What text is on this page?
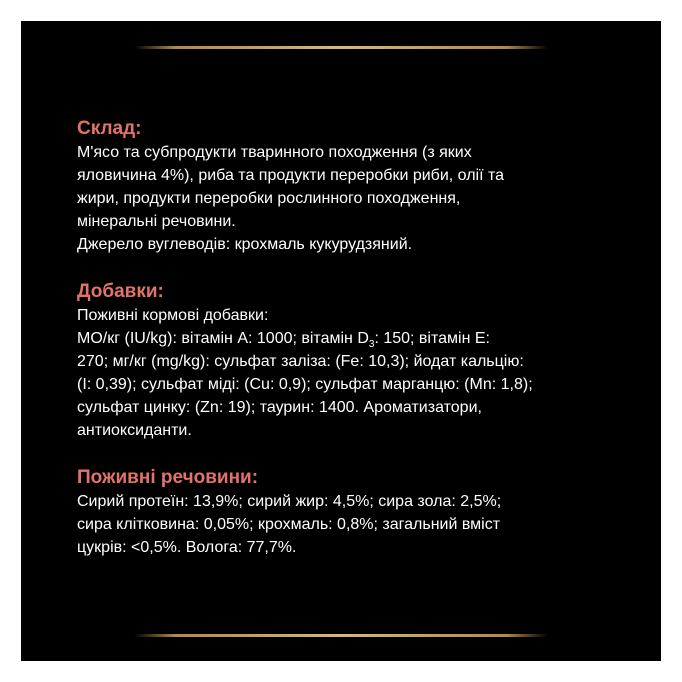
Склад:

М'ясо та субпродукти тваринного походження (з яких

яловичина 4%), риба та продукти переробки риби, олії та

жири, продукти переробки рослинного походження,

мінеральні речовини.

Джерело вуглеводів: крохмаль кукурудзяний.

Добавки:

Поживні кормові добавки:

МО/кг (IU/kg): вітамін А: 1000; вітамін $D_3$: 150; вітамін Е:

270; мг/кг (mg/kg): сульфат заліза: (Fe: 10,3); йодат кальцію:

(I: 0,39); сульфат міді: (Cu: 0,9); сульфат марганцю: (Mn: 1,8);

сульфат цинку: (Zn: 19); таурин: 1400. Ароматизатори,

антиоксиданти.

Поживні речовини:

Сирий протеїн: 13,9%; сирий жир: 4,5%; сира зола: 2,5%;

сира клітковина: 0,05%; крохмаль: 0,8%; загальний вміст

цукрів: <0,5%. Волога: 77,7%.
